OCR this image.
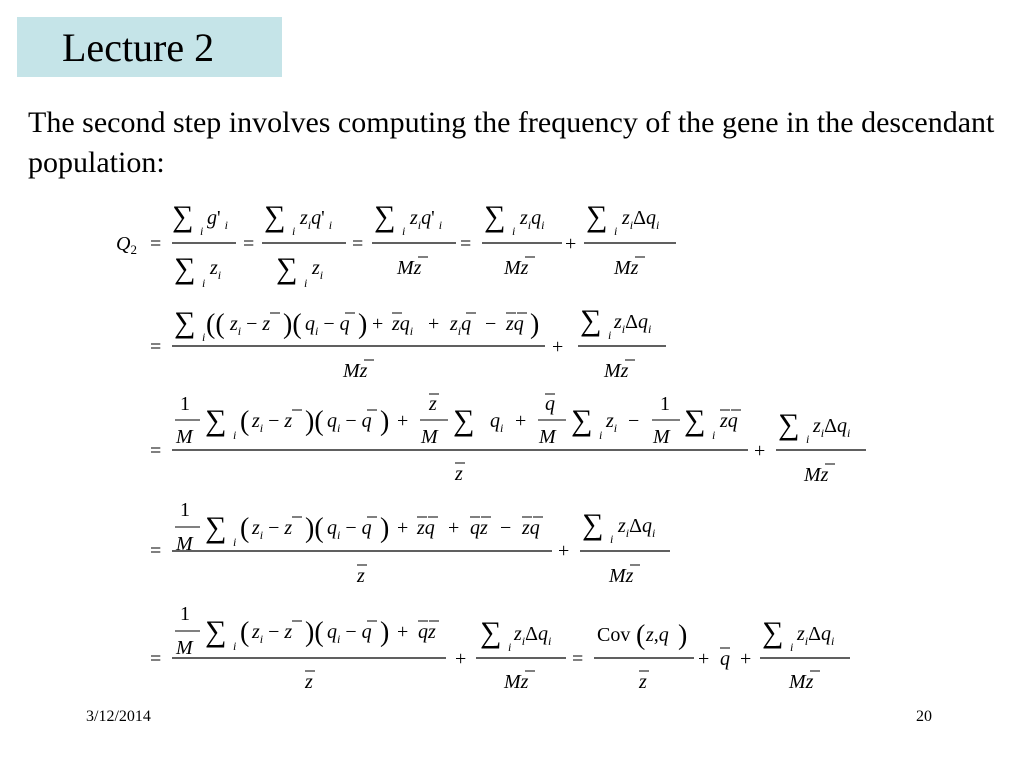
Lecture 2
The second step involves computing the frequency of the gene in the descendant population:
$Q_2$ =
∑ i
g' $_i$
∑ i
$z_i$
=
∑ i
$z_iq'$ $_i$
∑ i
$z_i$
=
∑ i
$z_iq'$ $_i$
Mz
=
∑ i
$z_iq_i$
Mz
+
∑ i
$z_i\Delta q_i$
Mz
=
∑ i (( $z_i - z$ )( $q_i - q$ ) + $zq_i + z_iq$ − zq )
Mz
+
∑ i
$z_i\Delta q_i$
Mz
=
1
M ∑ i ( $z_i - z$ )( $q_i - q$ ) +
z
M ∑ $q_i$ +
q
M ∑ i
$z_i$ −
1
M ∑ i
zq
z
+
∑ i
$z_i\Delta q_i$
Mz
=
1
M ∑ i ( $z_i - z$ )( $q_i - q$ ) + zq + qz − zq
z
+
∑ i
$z_i\Delta q_i$
Mz
=
1
M ∑ i ( $z_i - z$ )( $q_i - q$ ) + qz
z
+
∑ i
$z_i\Delta q_i$
Mz
=
Cov ( z,q )
z
+ q +
∑ i
$z_i\Delta q_i$
Mz
3/12/2014	20
